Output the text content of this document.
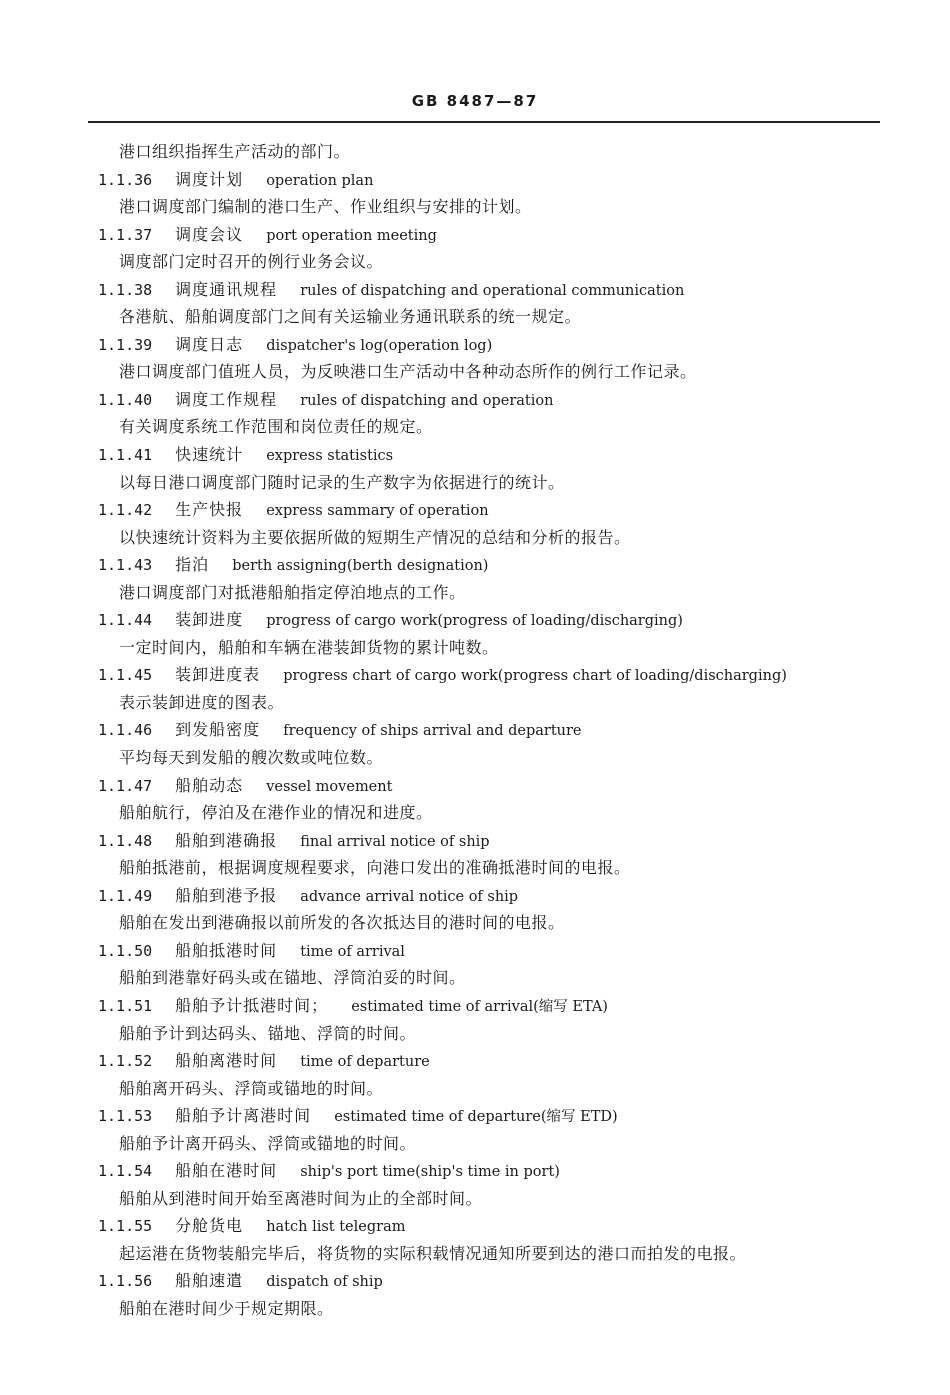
GB 8487—87
港口组织指挥生产活动的部门。
1.1.36 调度计划 operation plan
港口调度部门编制的港口生产、作业组织与安排的计划。
1.1.37 调度会议 port operation meeting
调度部门定时召开的例行业务会议。
1.1.38 调度通讯规程 rules of dispatching and operational communication
各港航、船舶调度部门之间有关运输业务通讯联系的统一规定。
1.1.39 调度日志 dispatcher's log(operation log)
港口调度部门值班人员，为反映港口生产活动中各种动态所作的例行工作记录。
1.1.40 调度工作规程 rules of dispatching and operation
有关调度系统工作范围和岗位责任的规定。
1.1.41 快速统计 express statistics
以每日港口调度部门随时记录的生产数字为依据进行的统计。
1.1.42 生产快报 express sammary of operation
以快速统计资料为主要依据所做的短期生产情况的总结和分析的报告。
1.1.43 指泊 berth assigning(berth designation)
港口调度部门对抵港船舶指定停泊地点的工作。
1.1.44 装卸进度 progress of cargo work(progress of loading/discharging)
一定时间内，船舶和车辆在港装卸货物的累计吨数。
1.1.45 装卸进度表 progress chart of cargo work(progress chart of loading/discharging)
表示装卸进度的图表。
1.1.46 到发船密度 frequency of ships arrival and departure
平均每天到发船的艘次数或吨位数。
1.1.47 船舶动态 vessel movement
船舶航行，停泊及在港作业的情况和进度。
1.1.48 船舶到港确报 final arrival notice of ship
船舶抵港前，根据调度规程要求，向港口发出的准确抵港时间的电报。
1.1.49 船舶到港予报 advance arrival notice of ship
船舶在发出到港确报以前所发的各次抵达目的港时间的电报。
1.1.50 船舶抵港时间 time of arrival
船舶到港靠好码头或在锚地、浮筒泊妥的时间。
1.1.51 船舶予计抵港时间； estimated time of arrival(缩写 ETA)
船舶予计到达码头、锚地、浮筒的时间。
1.1.52 船舶离港时间 time of departure
船舶离开码头、浮筒或锚地的时间。
1.1.53 船舶予计离港时间 estimated time of departure(缩写 ETD)
船舶予计离开码头、浮筒或锚地的时间。
1.1.54 船舶在港时间 ship's port time(ship's time in port)
船舶从到港时间开始至离港时间为止的全部时间。
1.1.55 分舱货电 hatch list telegram
起运港在货物装船完毕后，将货物的实际积载情况通知所要到达的港口而拍发的电报。
1.1.56 船舶速遣 dispatch of ship
船舶在港时间少于规定期限。
